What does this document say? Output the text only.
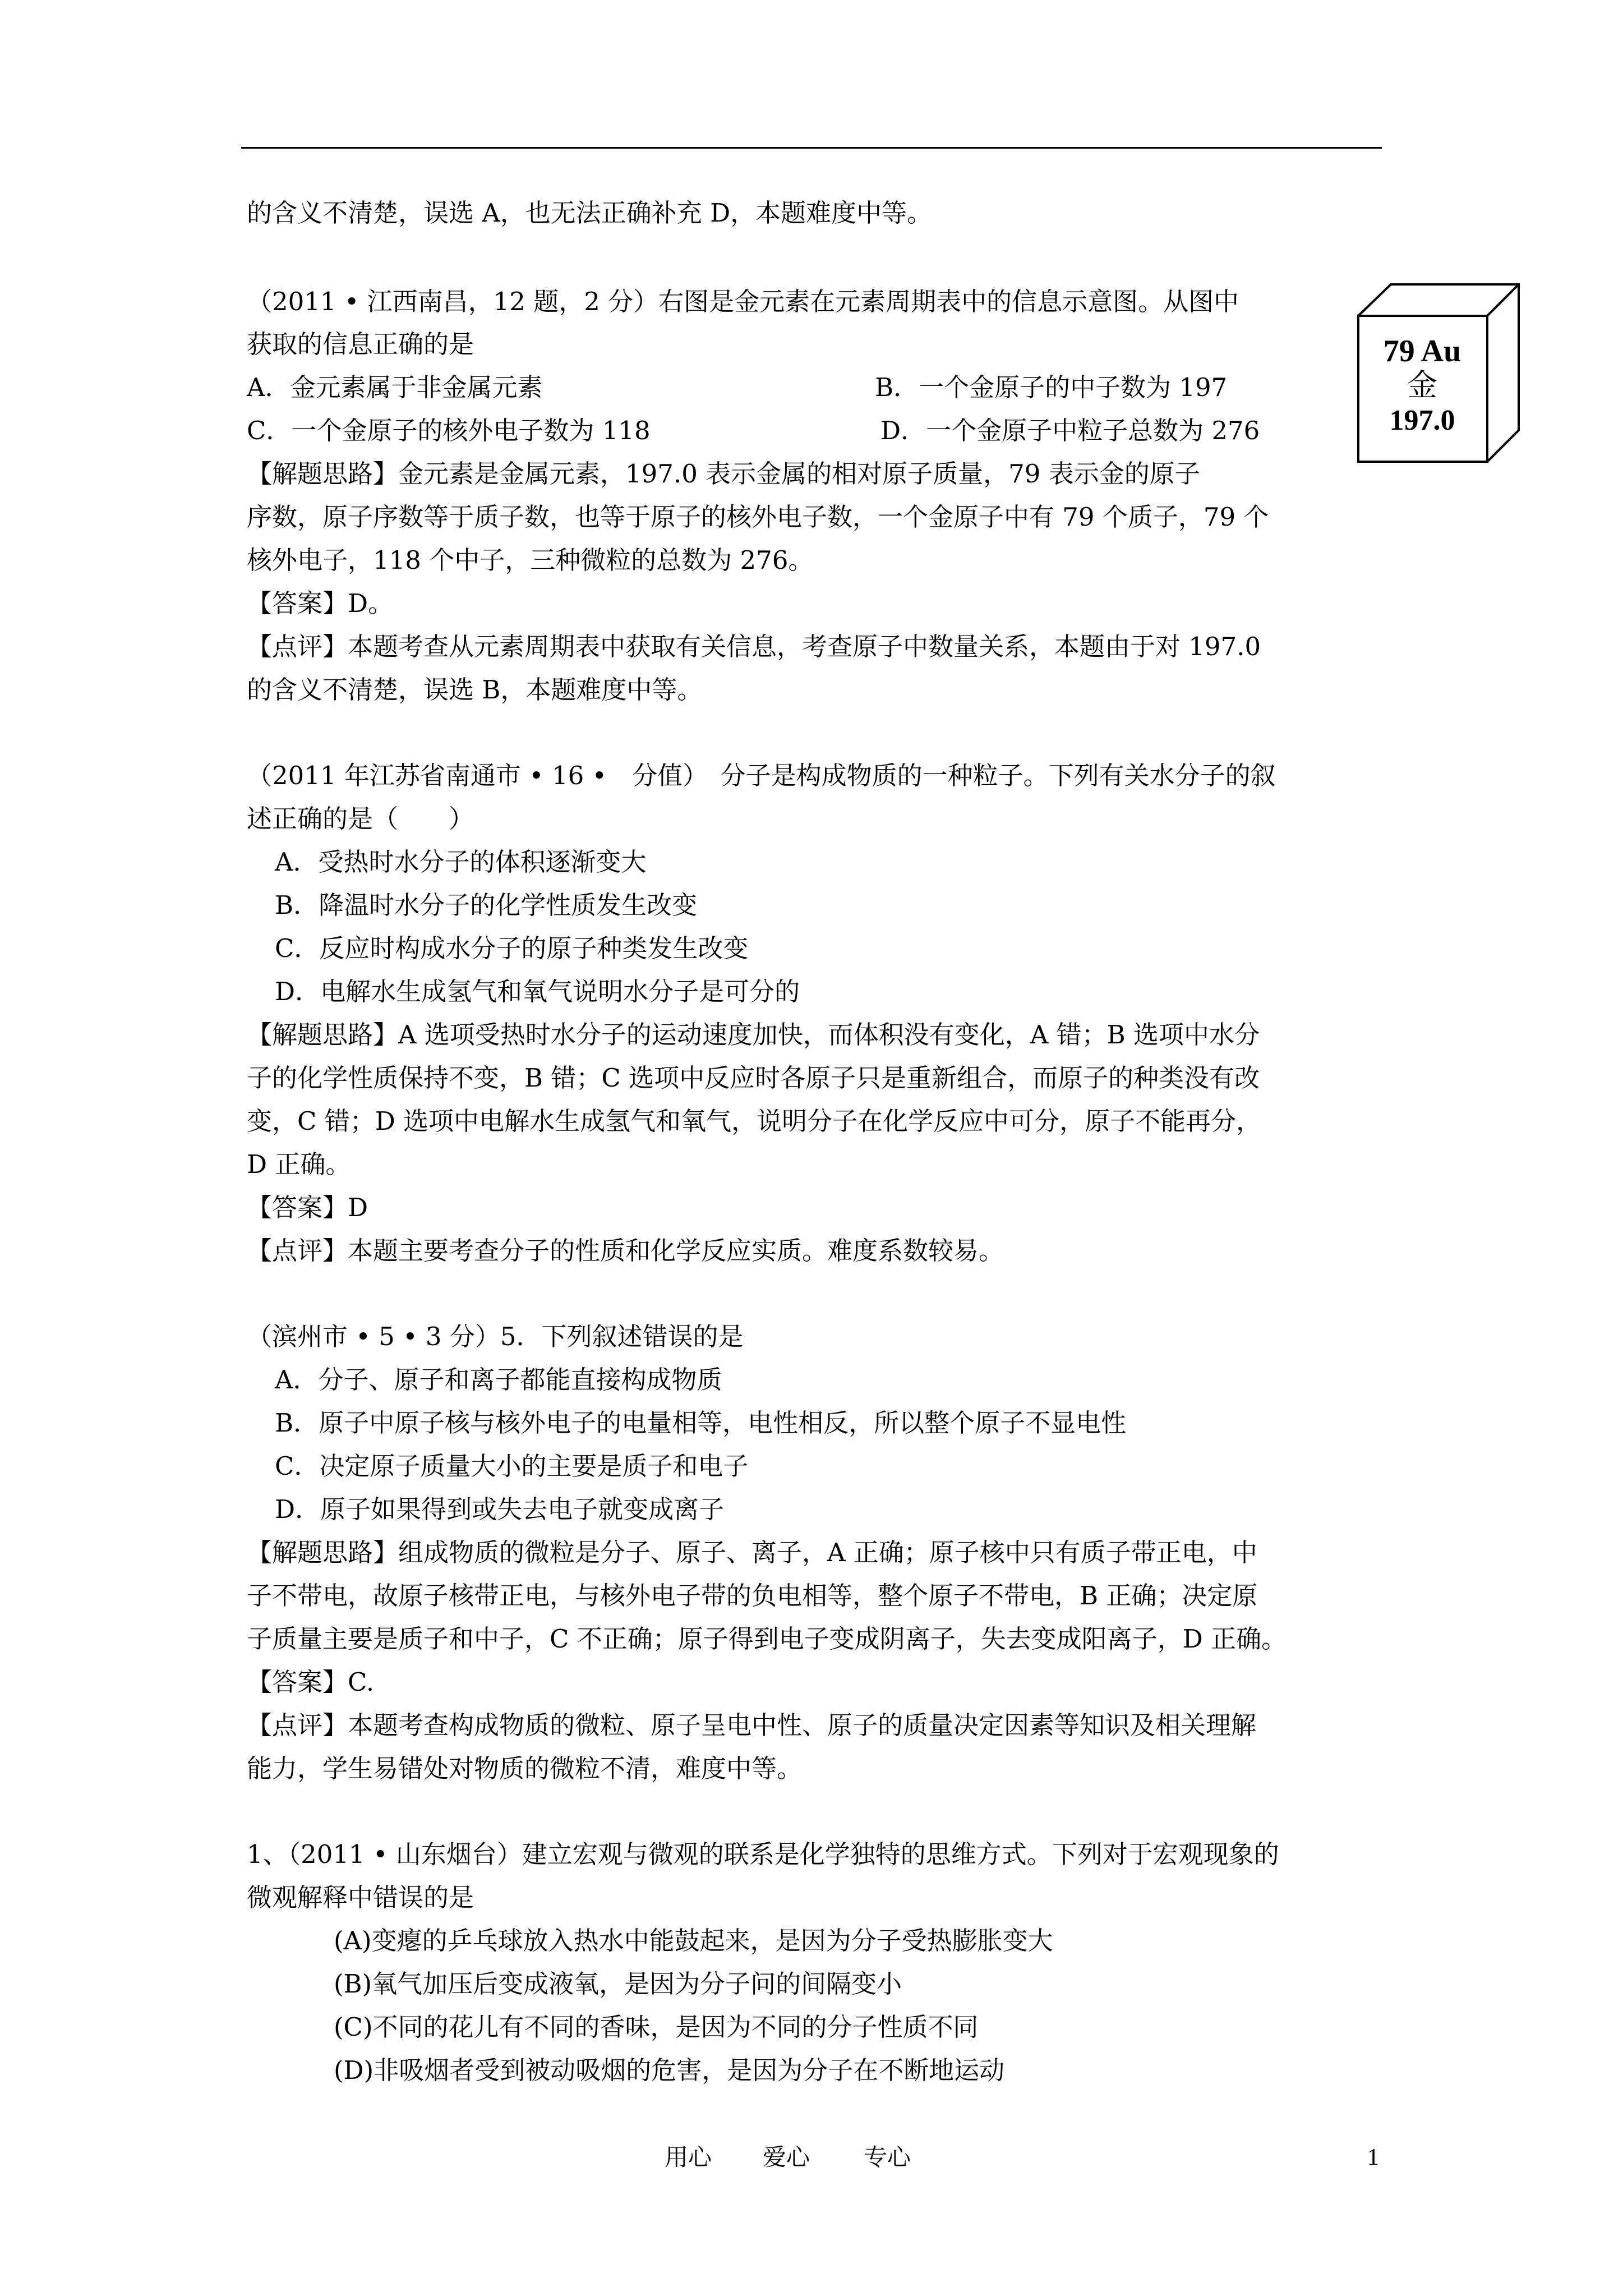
的含义不清楚，误选 A，也无法正确补充 D，本题难度中等。
（2011 • 江西南昌，12 题，2 分）右图是金元素在元素周期表中的信息示意图。从图中
获取的信息正确的是
A．金元素属于非金属元素	B．一个金原子的中子数为 197
C．一个金原子的核外电子数为 118	D．一个金原子中粒子总数为 276
【解题思路】金元素是金属元素，197.0 表示金属的相对原子质量，79 表示金的原子
序数，原子序数等于质子数，也等于原子的核外电子数，一个金原子中有 79 个质子，79 个
核外电子，118 个中子，三种微粒的总数为 276。
【答案】D。
【点评】本题考查从元素周期表中获取有关信息，考查原子中数量关系，本题由于对 197.0
的含义不清楚，误选 B，本题难度中等。
（2011 年江苏省南通市 • 16 •　分值）　分子是构成物质的一种粒子。下列有关水分子的叙
述正确的是（　　）
A．受热时水分子的体积逐渐变大
B．降温时水分子的化学性质发生改变
C．反应时构成水分子的原子种类发生改变
D．电解水生成氢气和氧气说明水分子是可分的
【解题思路】A 选项受热时水分子的运动速度加快，而体积没有变化，A 错；B 选项中水分
子的化学性质保持不变，B 错；C 选项中反应时各原子只是重新组合，而原子的种类没有改
变，C 错；D 选项中电解水生成氢气和氧气，说明分子在化学反应中可分，原子不能再分，
D 正确。
【答案】D
【点评】本题主要考查分子的性质和化学反应实质。难度系数较易。
（滨州市 • 5 • 3 分）5．下列叙述错误的是
A．分子、原子和离子都能直接构成物质
B．原子中原子核与核外电子的电量相等，电性相反，所以整个原子不显电性
C．决定原子质量大小的主要是质子和电子
D．原子如果得到或失去电子就变成离子
【解题思路】组成物质的微粒是分子、原子、离子，A 正确；原子核中只有质子带正电，中
子不带电，故原子核带正电，与核外电子带的负电相等，整个原子不带电，B 正确；决定原
子质量主要是质子和中子，C 不正确；原子得到电子变成阴离子，失去变成阳离子，D 正确。
【答案】C.
【点评】本题考查构成物质的微粒、原子呈电中性、原子的质量决定因素等知识及相关理解
能力，学生易错处对物质的微粒不清，难度中等。
1、（2011 • 山东烟台）建立宏观与微观的联系是化学独特的思维方式。下列对于宏观现象的
微观解释中错误的是
(A)变瘪的乒乓球放入热水中能鼓起来，是因为分子受热膨胀变大
(B)氧气加压后变成液氧，是因为分子问的间隔变小
(C)不同的花儿有不同的香味，是因为不同的分子性质不同
(D)非吸烟者受到被动吸烟的危害，是因为分子在不断地运动
79 Au
金
197.0
用心 爱心 专心	1
